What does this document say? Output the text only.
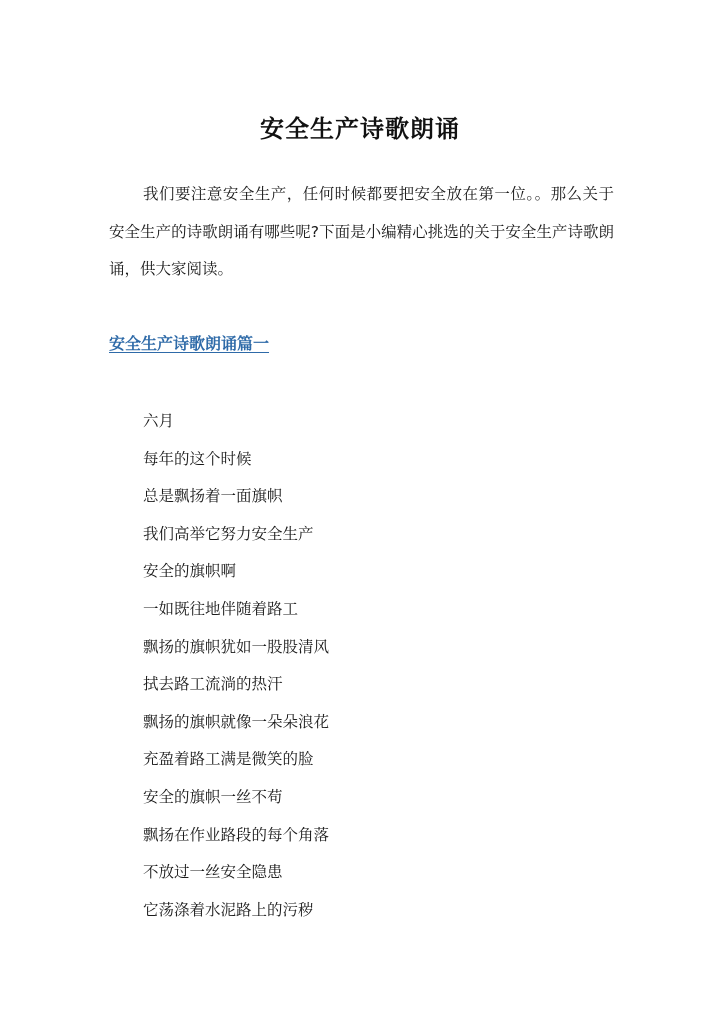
安全生产诗歌朗诵

我们要注意安全生产，任何时候都要把安全放在第一位。。那么关于安全生产的诗歌朗诵有哪些呢?下面是小编精心挑选的关于安全生产诗歌朗诵，供大家阅读。

安全生产诗歌朗诵篇一
六月
每年的这个时候
总是飘扬着一面旗帜
我们高举它努力安全生产
安全的旗帜啊
一如既往地伴随着路工
飘扬的旗帜犹如一股股清风
拭去路工流淌的热汗
飘扬的旗帜就像一朵朵浪花
充盈着路工满是微笑的脸
安全的旗帜一丝不苟
飘扬在作业路段的每个角落
不放过一丝安全隐患
它荡涤着水泥路上的污秽
